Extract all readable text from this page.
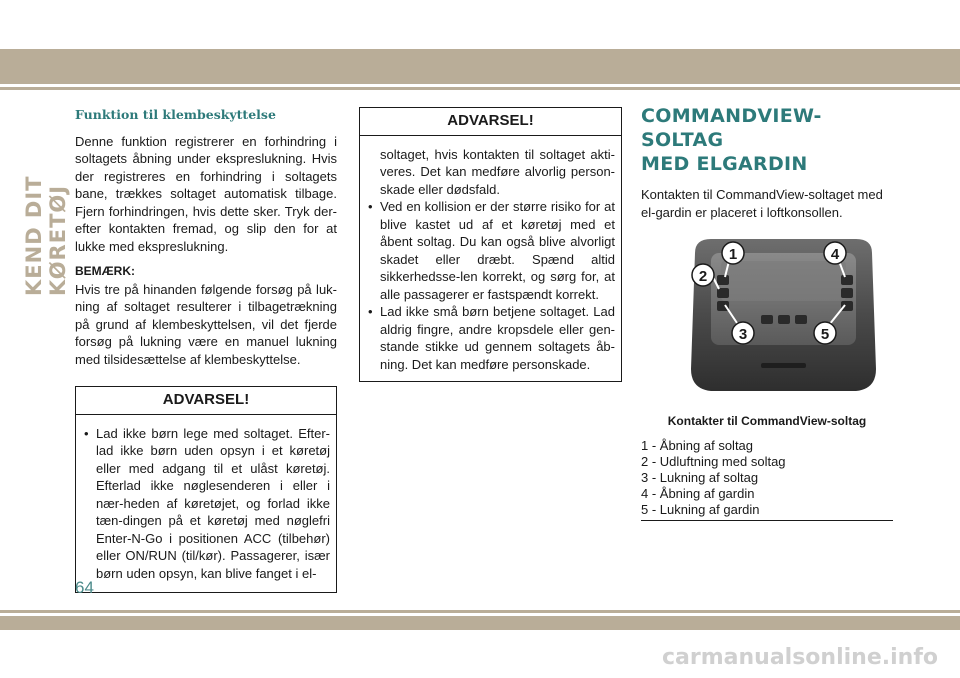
KEND DIT KØRETØJ
Funktion til klembeskyttelse

Denne funktion registrerer en forhindring i soltagets åbning under ekspreslukning. Hvis der registreres en forhindring i soltagets bane, trækkes soltaget automatisk tilbage. Fjern forhindringen, hvis dette sker. Tryk der-efter kontakten fremad, og slip den for at lukke med ekspreslukning.

BEMÆRK:

Hvis tre på hinanden følgende forsøg på luk-ning af soltaget resulterer i tilbagetrækning på grund af klembeskyttelsen, vil det fjerde forsøg på lukning være en manuel lukning med tilsidesættelse af klembeskyttelse.

ADVARSEL!
• Lad ikke børn lege med soltaget. Efter-lad ikke børn uden opsyn i et køretøj eller med adgang til et ulåst køretøj. Efterlad ikke nøglesenderen i eller i nær-heden af køretøjet, og forlad ikke tæn-dingen på et køretøj med nøglefri Enter-N-Go i positionen ACC (tilbehør) eller ON/RUN (til/kør). Passagerer, især børn uden opsyn, kan blive fanget i el-
ADVARSEL!
soltaget, hvis kontakten til soltaget akti-veres. Det kan medføre alvorlig person-skade eller dødsfald.
• Ved en kollision er der større risiko for at blive kastet ud af et køretøj med et åbent soltag. Du kan også blive alvorligt skadet eller dræbt. Spænd altid sikkerhedsse-len korrekt, og sørg for, at alle passagerer er fastspændt korrekt.
• Lad ikke små børn betjene soltaget. Lad aldrig fingre, andre kropsdele eller gen-stande stikke ud gennem soltagets åb-ning. Det kan medføre personskade.
COMMANDVIEW-SOLTAG
MED ELGARDIN

Kontakten til CommandView-soltaget med el-gardin er placeret i loftkonsollen.

1
2
3
4
5
Kontakter til CommandView-soltag
1 - Åbning af soltag
2 - Udluftning med soltag
3 - Lukning af soltag
4 - Åbning af gardin
5 - Lukning af gardin
64
carmanualsonline.info
